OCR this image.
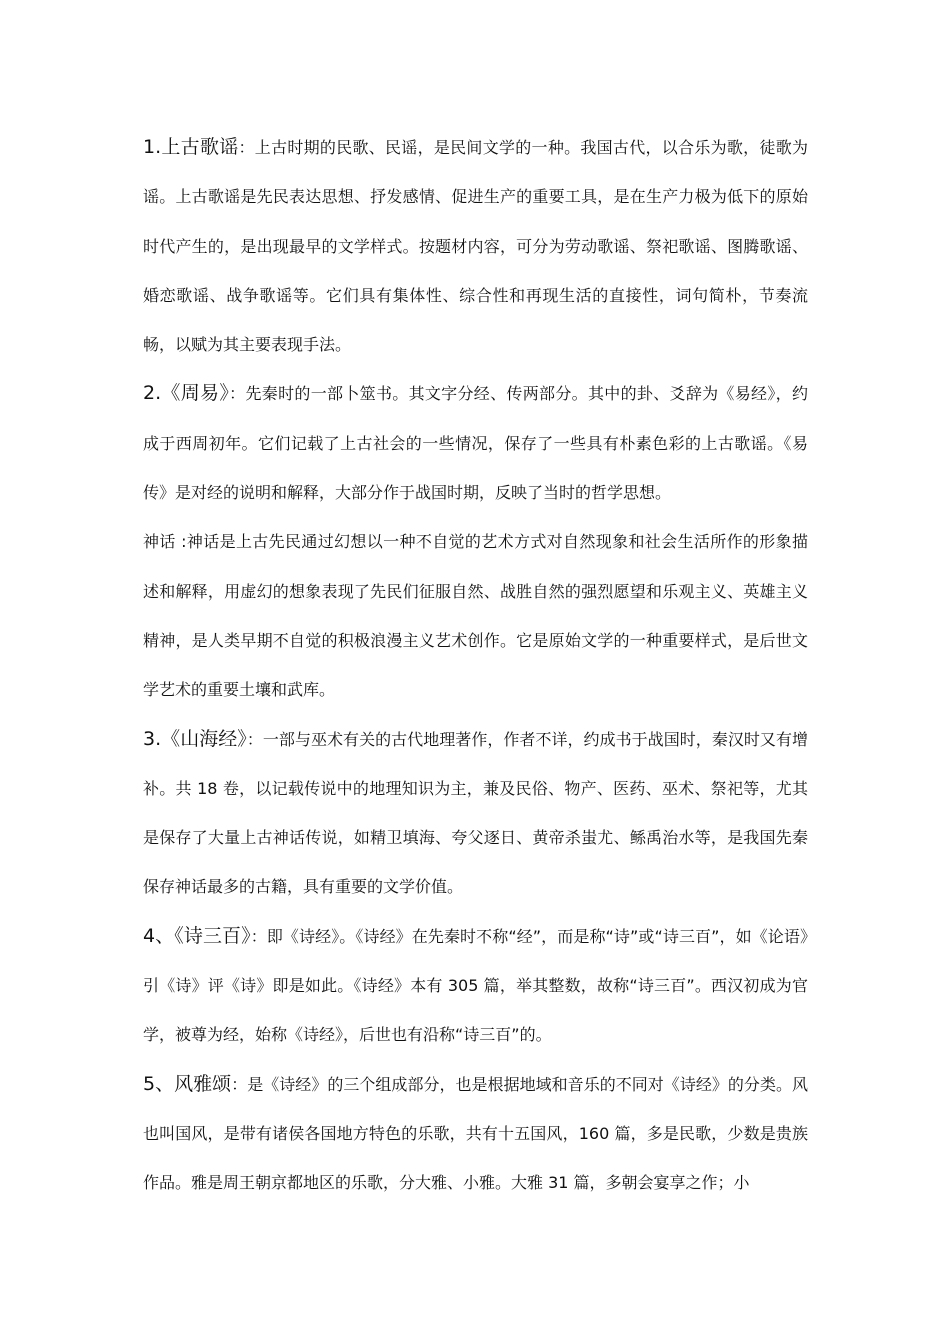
1.上古歌谣：上古时期的民歌、民谣，是民间文学的一种。我国古代，以合乐为歌，徒歌为谣。上古歌谣是先民表达思想、抒发感情、促进生产的重要工具，是在生产力极为低下的原始时代产生的，是出现最早的文学样式。按题材内容，可分为劳动歌谣、祭祀歌谣、图腾歌谣、婚恋歌谣、战争歌谣等。它们具有集体性、综合性和再现生活的直接性，词句简朴，节奏流畅，以赋为其主要表现手法。

2.《周易》：先秦时的一部卜筮书。其文字分经、传两部分。其中的卦、爻辞为《易经》，约成于西周初年。它们记载了上古社会的一些情况，保存了一些具有朴素色彩的上古歌谣。《易传》是对经的说明和解释，大部分作于战国时期，反映了当时的哲学思想。

神话 :神话是上古先民通过幻想以一种不自觉的艺术方式对自然现象和社会生活所作的形象描述和解释，用虚幻的想象表现了先民们征服自然、战胜自然的强烈愿望和乐观主义、英雄主义精神，是人类早期不自觉的积极浪漫主义艺术创作。它是原始文学的一种重要样式，是后世文学艺术的重要土壤和武库。

3.《山海经》：一部与巫术有关的古代地理著作，作者不详，约成书于战国时，秦汉时又有增补。共 18 卷，以记载传说中的地理知识为主，兼及民俗、物产、医药、巫术、祭祀等，尤其是保存了大量上古神话传说，如精卫填海、夸父逐日、黄帝杀蚩尤、鲧禹治水等，是我国先秦保存神话最多的古籍，具有重要的文学价值。

4、《诗三百》：即《诗经》。《诗经》在先秦时不称“经”，而是称“诗”或“诗三百”，如《论语》引《诗》评《诗》即是如此。《诗经》本有 305 篇，举其整数，故称“诗三百”。西汉初成为官学，被尊为经，始称《诗经》，后世也有沿称“诗三百”的。

5、风雅颂：是《诗经》的三个组成部分，也是根据地域和音乐的不同对《诗经》的分类。风也叫国风，是带有诸侯各国地方特色的乐歌，共有十五国风，160 篇，多是民歌，少数是贵族作品。雅是周王朝京都地区的乐歌，分大雅、小雅。大雅 31 篇，多朝会宴享之作；小
